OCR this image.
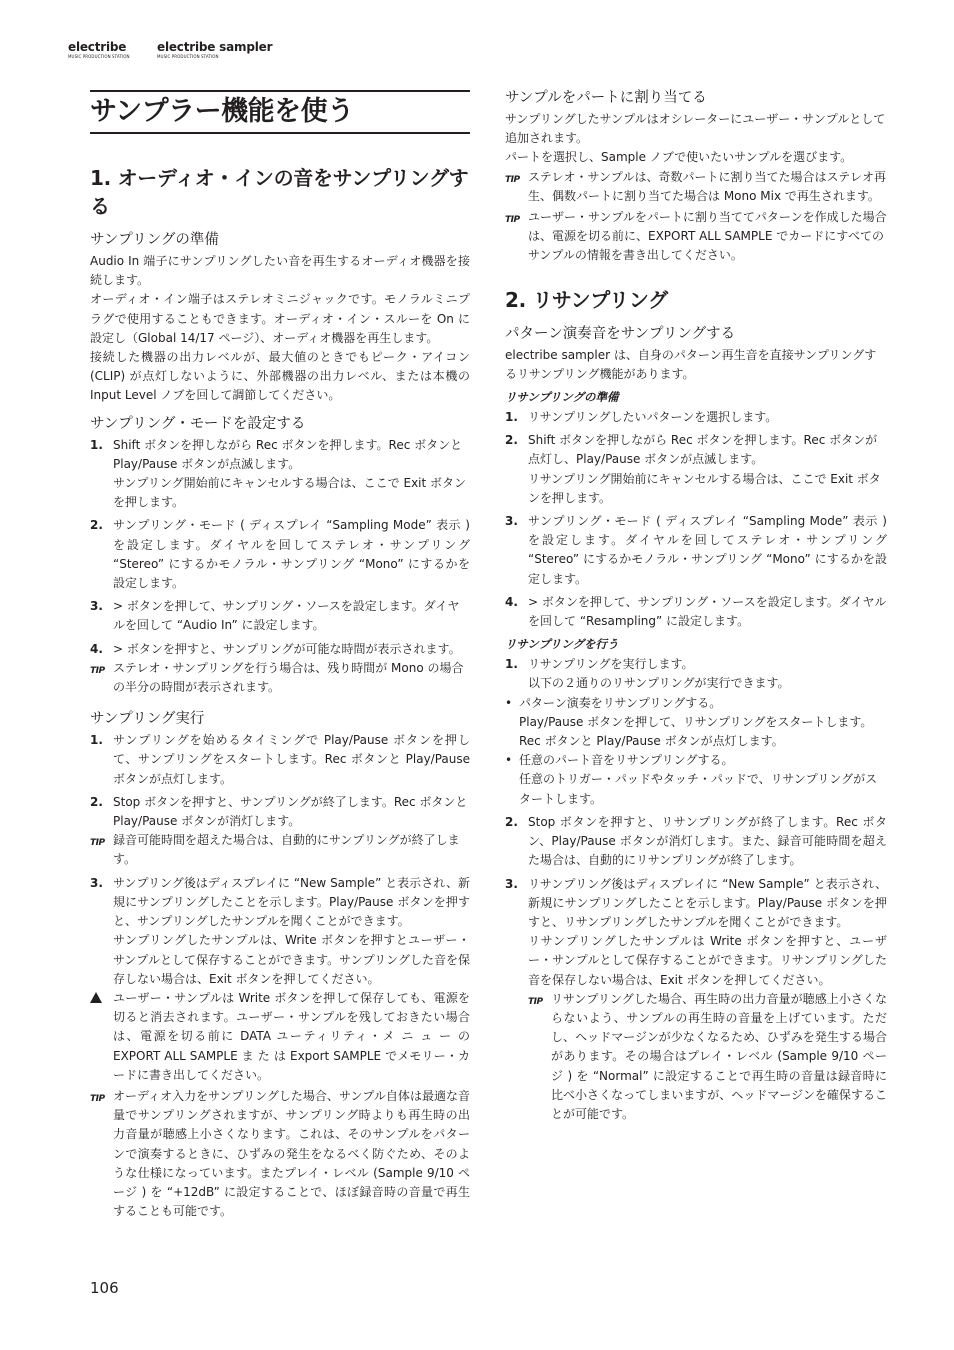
electribe
MUSIC PRODUCTION STATION
electribe sampler
MUSIC PRODUCTION STATION
サンプラー機能を使う
1. オーディオ・インの音をサンプリングする
サンプリングの準備

Audio In 端子にサンプリングしたい音を再生するオーディオ機器を接続します。

オーディオ・イン端子はステレオミニジャックです。モノラルミニプラグで使用することもできます。オーディオ・イン・スルーを On に設定し（Global 14/17 ページ）、オーディオ機器を再生します。

接続した機器の出力レベルが、最大値のときでもピーク・アイコン (CLIP) が点灯しないように、外部機器の出力レベル、または本機の Input Level ノブを回して調節してください。

サンプリング・モードを設定する
1. Shift ボタンを押しながら Rec ボタンを押します。Rec ボタンと Play/Pause ボタンが点滅します。
サンプリング開始前にキャンセルする場合は、ここで Exit ボタンを押します。
2. サンプリング・モード ( ディスプレイ “Sampling Mode” 表示 ) を設定します。ダイヤルを回してステレオ・サンプリング “Stereo” にするかモノラル・サンプリング “Mono” にするかを設定します。
3. > ボタンを押して、サンプリング・ソースを設定します。ダイヤルを回して “Audio In” に設定します。
4. > ボタンを押すと、サンプリングが可能な時間が表示されます。
TIP ステレオ・サンプリングを行う場合は、残り時間が Mono の場合の半分の時間が表示されます。
サンプリング実行
1. サンプリングを始めるタイミングで Play/Pause ボタンを押して、サンプリングをスタートします。Rec ボタンと Play/Pause ボタンが点灯します。
2. Stop ボタンを押すと、サンプリングが終了します。Rec ボタンと Play/Pause ボタンが消灯します。
TIP 録音可能時間を超えた場合は、自動的にサンプリングが終了します。
3. サンプリング後はディスプレイに “New Sample” と表示され、新規にサンプリングしたことを示します。Play/Pause ボタンを押すと、サンプリングしたサンプルを聞くことができます。
サンプリングしたサンプルは、Write ボタンを押すとユーザー・サンプルとして保存することができます。サンプリングした音を保存しない場合は、Exit ボタンを押してください。
ユーザー・サンプルは Write ボタンを押して保存しても、電源を切ると消去されます。ユーザー・サンプルを残しておきたい場合は、電源を切る前に DATA ユーティリティ・メ ニ ュ ー の EXPORT ALL SAMPLE ま た は Export SAMPLE でメモリー・カードに書き出してください。
TIP オーディオ入力をサンプリングした場合、サンプル自体は最適な音量でサンプリングされますが、サンプリング時よりも再生時の出力音量が聴感上小さくなります。これは、そのサンプルをパターンで演奏するときに、ひずみの発生をなるべく防ぐため、そのような仕様になっています。またプレイ・レベル (Sample 9/10 ページ ) を “+12dB” に設定することで、ほぼ録音時の音量で再生することも可能です。
サンプルをパートに割り当てる

サンプリングしたサンプルはオシレーターにユーザー・サンプルとして追加されます。

パートを選択し、Sample ノブで使いたいサンプルを選びます。

TIP ステレオ・サンプルは、奇数パートに割り当てた場合はステレオ再生、偶数パートに割り当てた場合は Mono Mix で再生されます。
TIP ユーザー・サンプルをパートに割り当ててパターンを作成した場合は、電源を切る前に、EXPORT ALL SAMPLE でカードにすべてのサンプルの情報を書き出してください。
2. リサンプリング
パターン演奏音をサンプリングする

electribe sampler は、自身のパターン再生音を直接サンプリングするリサンプリング機能があります。

リサンプリングの準備
1. リサンプリングしたいパターンを選択します。
2. Shift ボタンを押しながら Rec ボタンを押します。Rec ボタンが点灯し、Play/Pause ボタンが点滅します。
リサンプリング開始前にキャンセルする場合は、ここで Exit ボタンを押します。
3. サンプリング・モード ( ディスプレイ “Sampling Mode” 表示 ) を設定します。ダイヤルを回してステレオ・サンプリング “Stereo” にするかモノラル・サンプリング “Mono” にするかを設定します。
4. > ボタンを押して、サンプリング・ソースを設定します。ダイヤルを回して “Resampling” に設定します。
リサンプリングを行う
1. リサンプリングを実行します。
以下の２通りのリサンプリングが実行できます。
• パターン演奏をリサンプリングする。
Play/Pause ボタンを押して、リサンプリングをスタートします。Rec ボタンと Play/Pause ボタンが点灯します。
• 任意のパート音をリサンプリングする。
任意のトリガー・パッドやタッチ・パッドで、リサンプリングがスタートします。
2. Stop ボタンを押すと、リサンプリングが終了します。Rec ボタン、Play/Pause ボタンが消灯します。また、録音可能時間を超えた場合は、自動的にリサンプリングが終了します。
3. リサンプリング後はディスプレイに “New Sample” と表示され、新規にサンプリングしたことを示します。Play/Pause ボタンを押すと、リサンプリングしたサンプルを聞くことができます。
リサンプリングしたサンプルは Write ボタンを押すと、ユーザー・サンプルとして保存することができます。リサンプリングした音を保存しない場合は、Exit ボタンを押してください。
TIP リサンプリングした場合、再生時の出力音量が聴感上小さくならないよう、サンプルの再生時の音量を上げています。ただし、ヘッドマージンが少なくなるため、ひずみを発生する場合があります。その場合はプレイ・レベル (Sample 9/10 ページ ) を “Normal” に設定することで再生時の音量は録音時に比べ小さくなってしまいますが、ヘッドマージンを確保することが可能です。
106
